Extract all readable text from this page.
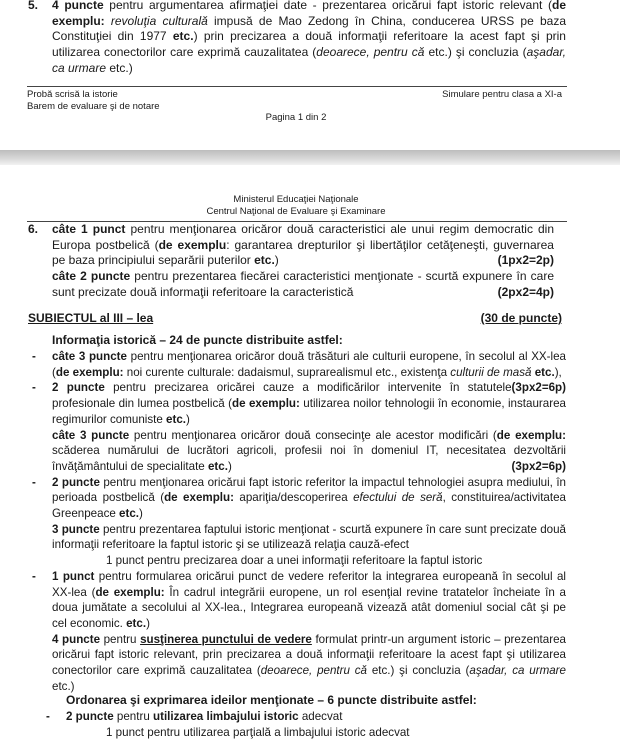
5. 4 puncte pentru argumentarea afirmaţiei date - prezentarea oricărui fapt istoric relevant (de exemplu: revoluţia culturală impusă de Mao Zedong în China, conducerea URSS pe baza Constituţiei din 1977 etc.) prin precizarea a două informaţii referitoare la acest fapt şi prin utilizarea conectorilor care exprimă cauzalitatea (deoarece, pentru că etc.) şi concluzia (aşadar, ca urmare etc.)
Probă scrisă la istorie
Barem de evaluare şi de notare
Simulare pentru clasa a XI-a
Pagina 1 din 2
Ministerul Educaţiei Naţionale
Centrul Naţional de Evaluare şi Examinare
6. câte 1 punct pentru menţionarea oricăror două caracteristici ale unui regim democratic din Europa postbelică (de exemplu: garantarea drepturilor şi libertăţilor cetăţeneşti, guvernarea pe baza principiului separării puterilor etc.)	(1px2=2p)
câte 2 puncte pentru prezentarea fiecărei caracteristici menţionate - scurtă expunere în care sunt precizate două informaţii referitoare la caracteristică	(2px2=4p)
SUBIECTUL al III – lea	(30 de puncte)
Informaţia istorică – 24 de puncte distribuite astfel:
- câte 3 puncte pentru menţionarea oricăror două trăsături ale culturii europene, în secolul al XX-lea (de exemplu: noi curente culturale: dadaismul, suprarealismul etc., existenţa culturii de masă etc.),
(3px2=6p)
- 2 puncte pentru precizarea oricărei cauze a modificărilor intervenite în statutele profesionale din lumea postbelică (de exemplu: utilizarea noilor tehnologii în economie, instaurarea regimurilor comuniste etc.)
câte 3 puncte pentru menţionarea oricăror două consecinţe ale acestor modificări (de exemplu: scăderea numărului de lucrători agricoli, profesii noi în domeniul IT, necesitatea dezvoltării învăţământului de specialitate etc.)	(3px2=6p)
- 2 puncte pentru menţionarea oricărui fapt istoric referitor la impactul tehnologiei asupra mediului, în perioada postbelică (de exemplu: apariţia/descoperirea efectului de seră, constituirea/activitatea Greenpeace etc.)
3 puncte pentru prezentarea faptului istoric menţionat - scurtă expunere în care sunt precizate două informaţii referitoare la faptul istoric şi se utilizează relaţia cauză-efect
1 punct pentru precizarea doar a unei informaţii referitoare la faptul istoric
- 1 punct pentru formularea oricărui punct de vedere referitor la integrarea europeană în secolul al XX-lea (de exemplu: În cadrul integrării europene, un rol esenţial revine tratatelor încheiate în a doua jumătate a secolului al XX-lea., Integrarea europeană vizează atât domeniul social cât şi pe cel economic. etc.)
4 puncte pentru susţinerea punctului de vedere formulat printr-un argument istoric – prezentarea oricărui fapt istoric relevant, prin precizarea a două informaţii referitoare la acest fapt şi utilizarea conectorilor care exprimă cauzalitatea (deoarece, pentru că etc.) şi concluzia (aşadar, ca urmare etc.)
Ordonarea şi exprimarea ideilor menţionate – 6 puncte distribuite astfel:
- 2 puncte pentru utilizarea limbajului istoric adecvat
1 punct pentru utilizarea parţială a limbajului istoric adecvat
